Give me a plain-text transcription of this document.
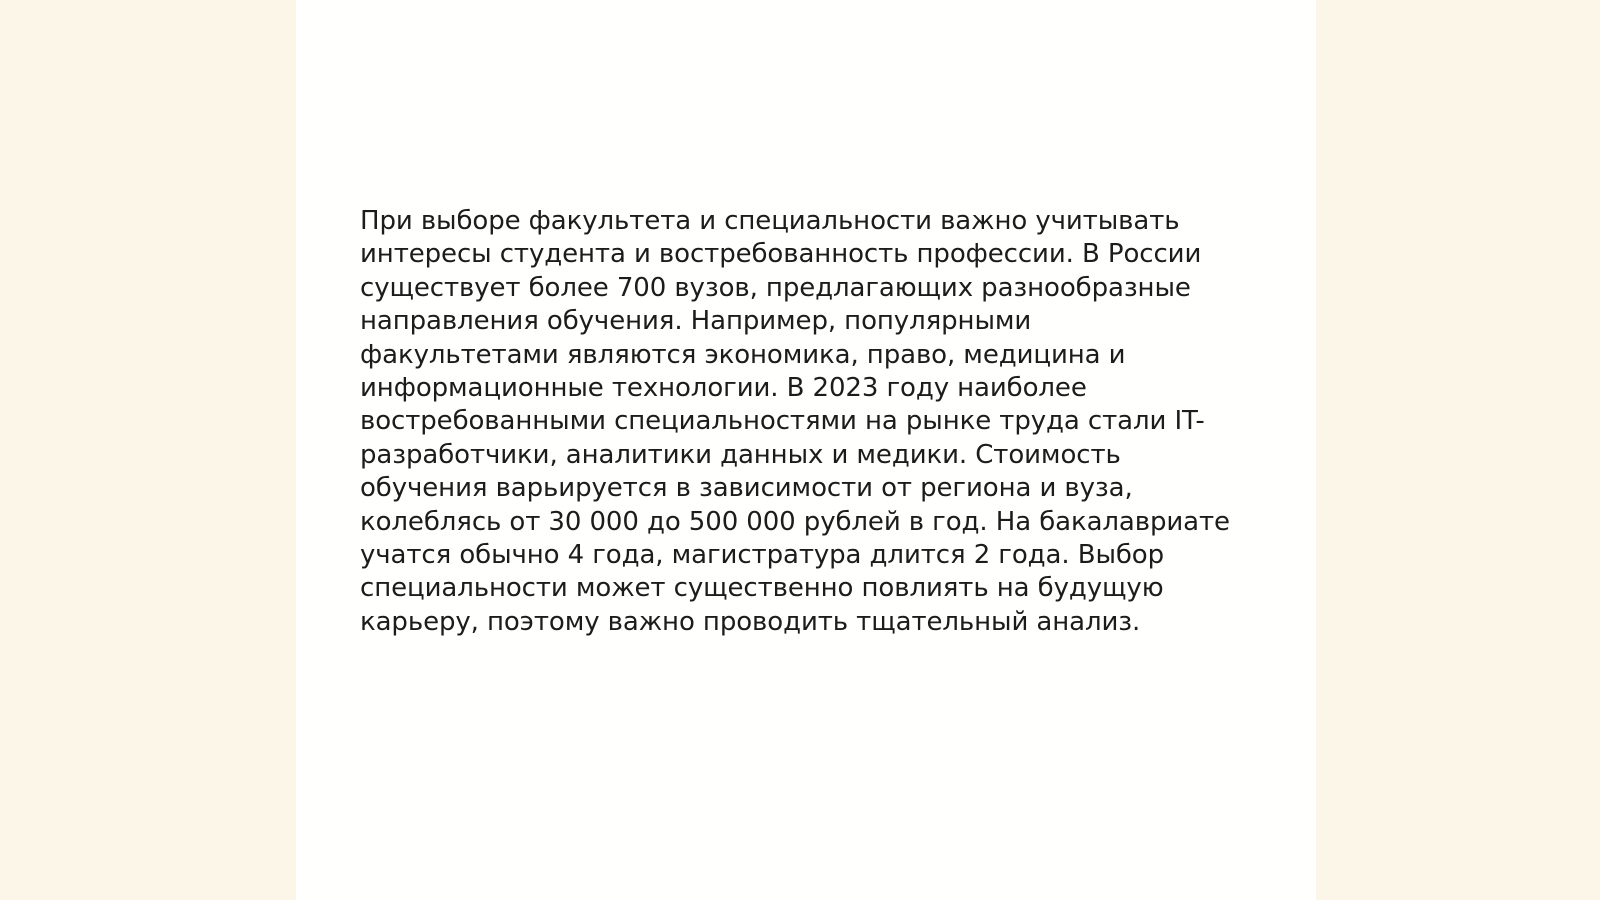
При выборе факультета и специальности важно учитывать
интересы студента и востребованность профессии. В России
существует более 700 вузов, предлагающих разнообразные
направления обучения. Например, популярными
факультетами являются экономика, право, медицина и
информационные технологии. В 2023 году наиболее
востребованными специальностями на рынке труда стали IT-
разработчики, аналитики данных и медики. Стоимость
обучения варьируется в зависимости от региона и вуза,
колеблясь от 30 000 до 500 000 рублей в год. На бакалавриате
учатся обычно 4 года, магистратура длится 2 года. Выбор
специальности может существенно повлиять на будущую
карьеру, поэтому важно проводить тщательный анализ.
